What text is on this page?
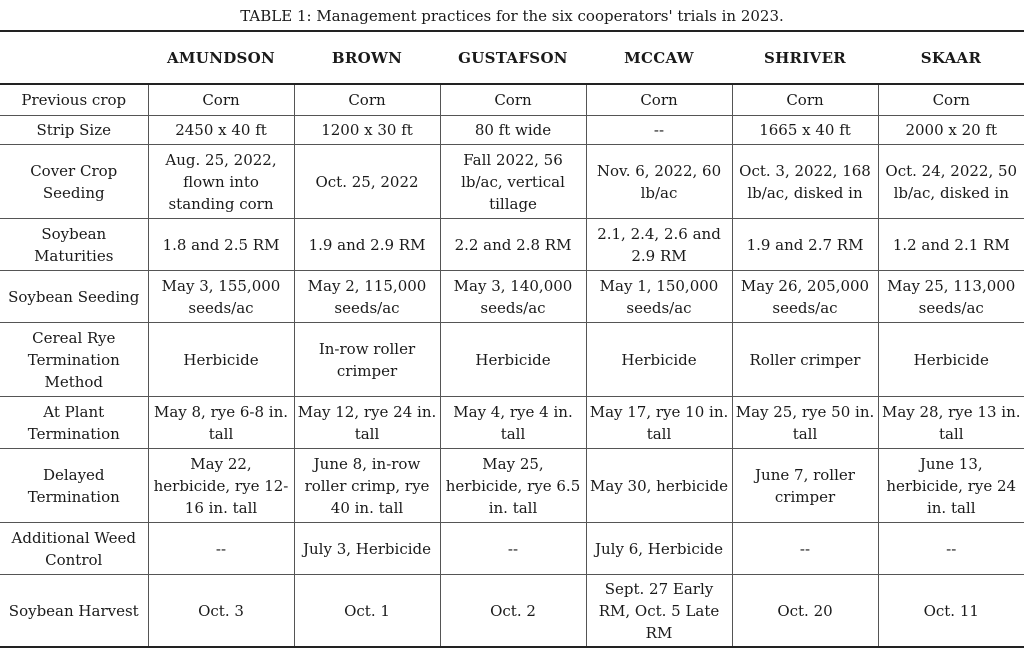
TABLE 1: Management practices for the six cooperators' trials in 2023.
	AMUNDSON	BROWN	GUSTAFSON	MCCAW	SHRIVER	SKAAR
Previous crop	Corn	Corn	Corn	Corn	Corn	Corn
Strip Size	2450 x 40 ft	1200 x 30 ft	80 ft wide	--	1665 x 40 ft	2000 x 20 ft
Cover Crop Seeding	Aug. 25, 2022, flown into standing corn	Oct. 25, 2022	Fall 2022, 56 lb/ac, vertical tillage	Nov. 6, 2022, 60 lb/ac	Oct. 3, 2022, 168 lb/ac, disked in	Oct. 24, 2022, 50 lb/ac, disked in
Soybean Maturities	1.8 and 2.5 RM	1.9 and 2.9 RM	2.2 and 2.8 RM	2.1, 2.4, 2.6 and 2.9 RM	1.9 and 2.7 RM	1.2 and 2.1 RM
Soybean Seeding	May 3, 155,000 seeds/ac	May 2, 115,000 seeds/ac	May 3, 140,000 seeds/ac	May 1, 150,000 seeds/ac	May 26, 205,000 seeds/ac	May 25, 113,000 seeds/ac
Cereal Rye Termination Method	Herbicide	In-row roller crimper	Herbicide	Herbicide	Roller crimper	Herbicide
At Plant Termination	May 8, rye 6-8 in. tall	May 12, rye 24 in. tall	May 4, rye 4 in. tall	May 17, rye 10 in. tall	May 25, rye 50 in. tall	May 28, rye 13 in. tall
Delayed Termination	May 22, herbicide, rye 12-16 in. tall	June 8, in-row roller crimp, rye 40 in. tall	May 25, herbicide, rye 6.5 in. tall	May 30, herbicide	June 7, roller crimper	June 13, herbicide, rye 24 in. tall
Additional Weed Control	--	July 3, Herbicide	--	July 6, Herbicide	--	--
Soybean Harvest	Oct. 3	Oct. 1	Oct. 2	Sept. 27 Early RM, Oct. 5 Late RM	Oct. 20	Oct. 11
